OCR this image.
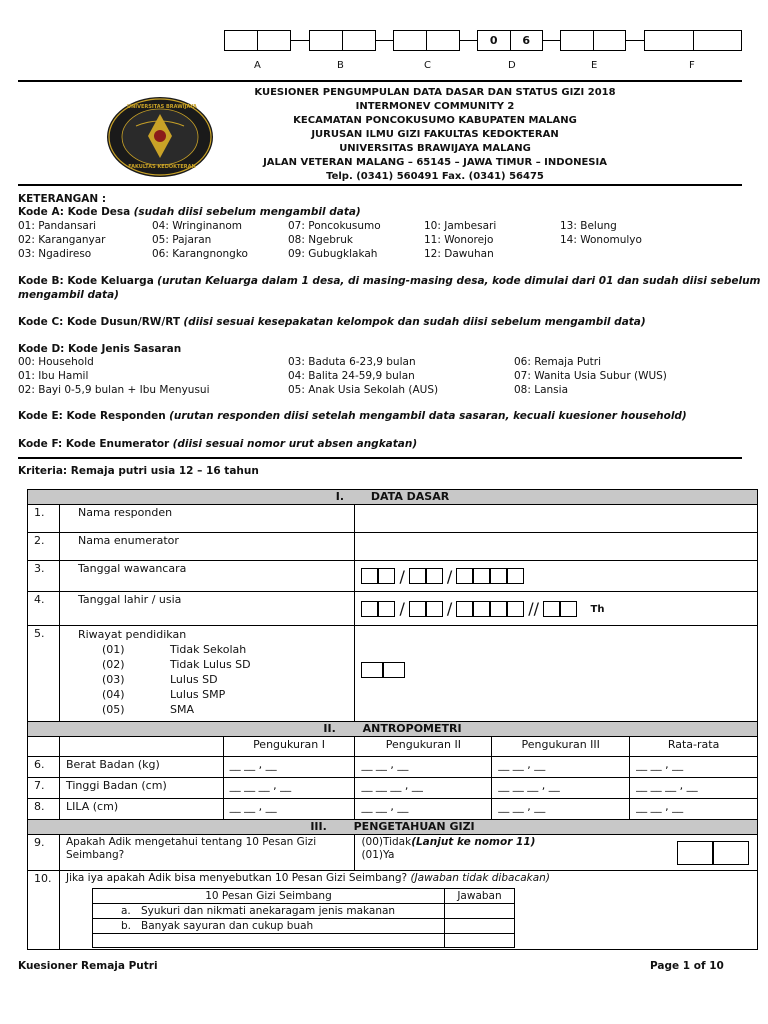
0	6
A	B	C	D	E	F
UNIVERSITAS BRAWIJAYA
FAKULTAS KEDOKTERAN
KUESIONER PENGUMPULAN DATA DASAR DAN STATUS GIZI 2018
INTERMONEV COMMUNITY 2
KECAMATAN PONCOKUSUMO KABUPATEN MALANG
JURUSAN ILMU GIZI FAKULTAS KEDOKTERAN
UNIVERSITAS BRAWIJAYA MALANG
JALAN VETERAN MALANG – 65145 – JAWA TIMUR – INDONESIA
Telp. (0341) 560491 Fax. (0341) 56475
KETERANGAN :
Kode A: Kode Desa (sudah diisi sebelum mengambil data)
01: Pandansari	04: Wringinanom	07: Poncokusumo	10: Jambesari	13: Belung
02: Karanganyar	05: Pajaran	08: Ngebruk	11: Wonorejo	14: Wonomulyo
03: Ngadireso	06: Karangnongko	09: Gubugklakah	12: Dawuhan
Kode B: Kode Keluarga (urutan Keluarga dalam 1 desa, di masing-masing desa, kode dimulai dari 01 dan sudah diisi sebelum
mengambil data)
Kode C: Kode Dusun/RW/RT (diisi sesuai kesepakatan kelompok dan sudah diisi sebelum mengambil data)
Kode D: Kode Jenis Sasaran
00: Household	03: Baduta 6-23,9 bulan	06: Remaja Putri
01: Ibu Hamil	04: Balita 24-59,9 bulan	07: Wanita Usia Subur (WUS)
02: Bayi 0-5,9 bulan + Ibu Menyusui	05: Anak Usia Sekolah (AUS)	08: Lansia
Kode E: Kode Responden (urutan responden diisi setelah mengambil data sasaran, kecuali kuesioner household)
Kode F: Kode Enumerator (diisi sesuai nomor urut absen angkatan)
Kriteria: Remaja putri usia 12 – 16 tahun
I. DATA DASAR
1.	Nama responden	
2.	Nama enumerator	
3.	Tanggal wawancara	/	/
4.	Tanggal lahir / usia	/	/	//	Th
5.	Riwayat pendidikan
(01)	Tidak Sekolah
(02)	Tidak Lulus SD
(03)	Lulus SD
(04)	Lulus SMP
(05)	SMA

II. ANTROPOMETRI
		Pengukuran I	Pengukuran II	Pengukuran III	Rata-rata
6.	Berat Badan (kg)	__ __ , __	__ __ , __	__ __ , __	__ __ , __
7.	Tinggi Badan (cm)	__ __ __ , __	__ __ __ , __	__ __ __ , __	__ __ __ , __
8.	LILA (cm)	__ __ , __	__ __ , __	__ __ , __	__ __ , __
III. PENGETAHUAN GIZI
9.	Apakah Adik mengetahui tentang 10 Pesan Gizi Seimbang?	
(00)Tidak(Lanjut ke nomor 11)
(01)Ya

10.	Jika iya apakah Adik bisa menyebutkan 10 Pesan Gizi Seimbang? (Jawaban tidak dibacakan)
10 Pesan Gizi Seimbang	Jawaban
a. Syukuri dan nikmati anekaragam jenis makanan	
b. Banyak sayuran dan cukup buah	

Kuesioner Remaja Putri	Page 1 of 10
